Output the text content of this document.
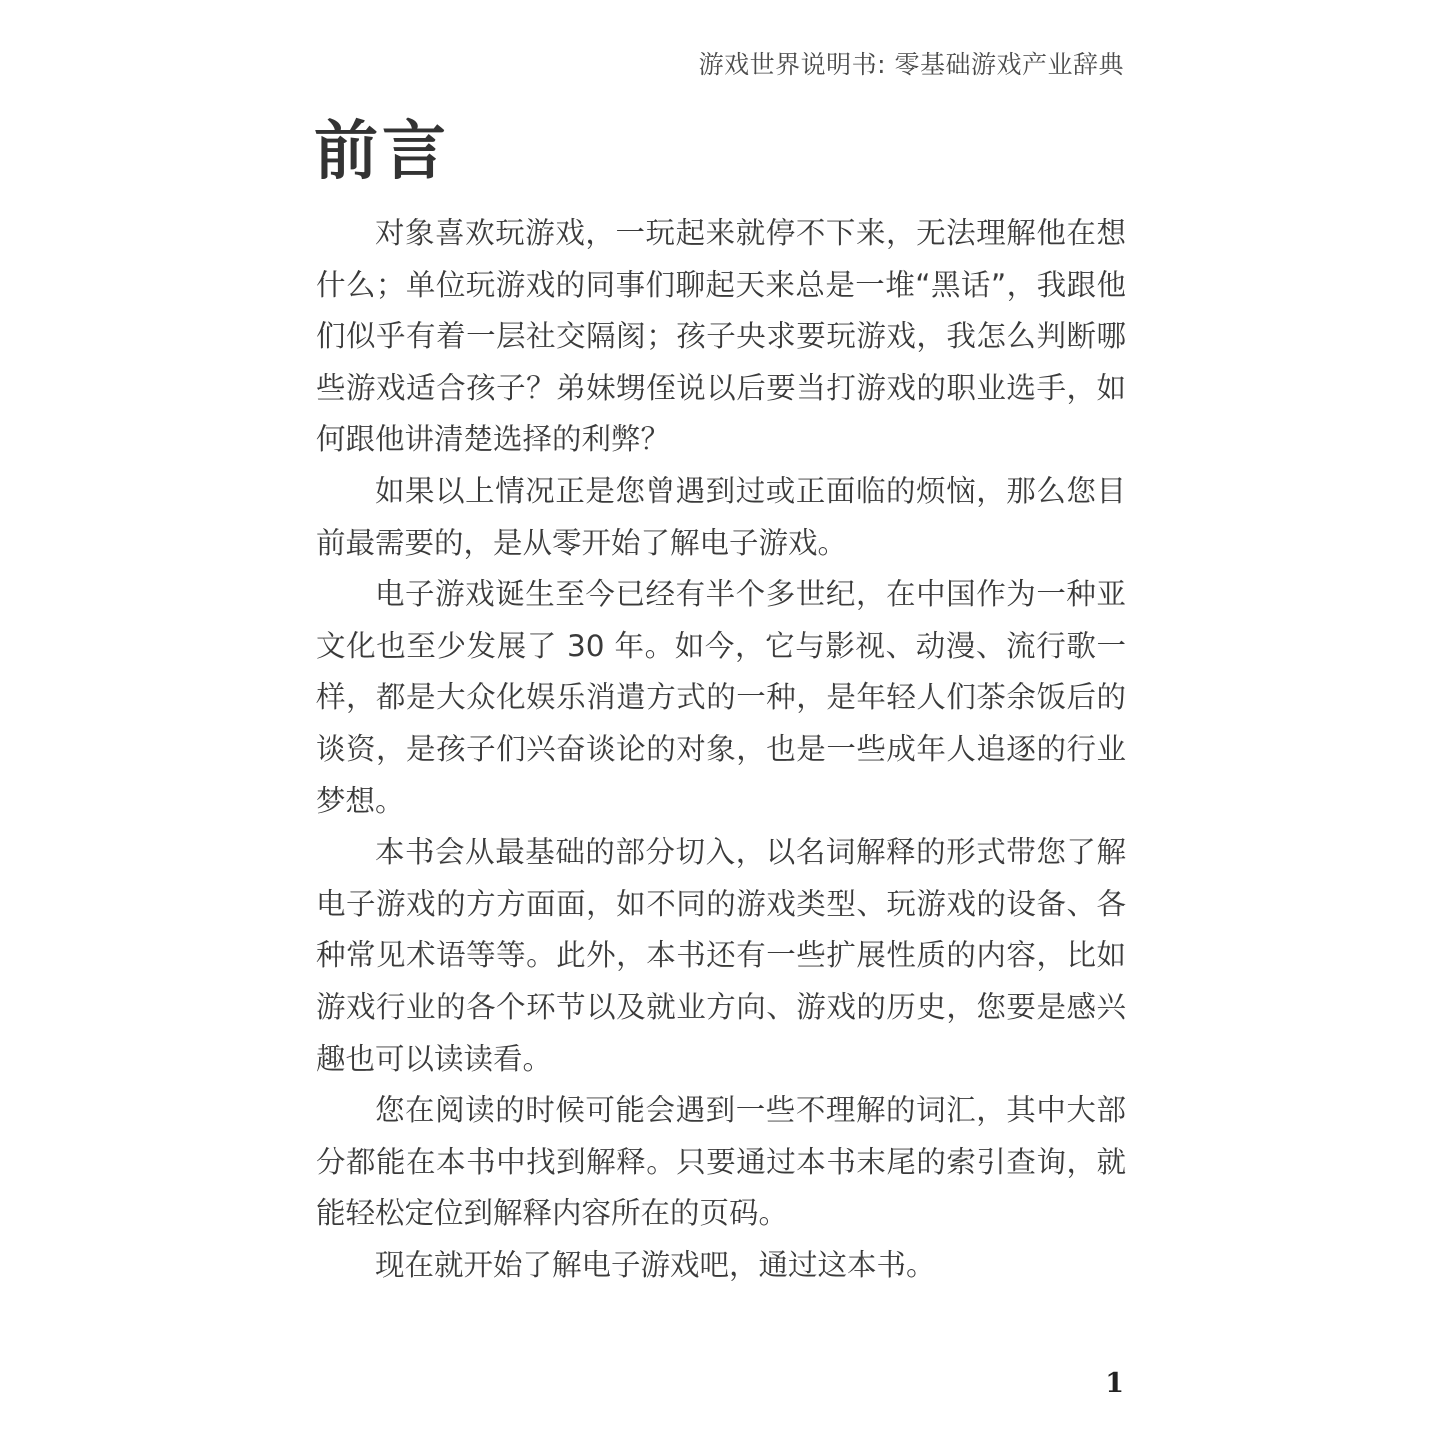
游戏世界说明书: 零基础游戏产业辞典
前言

对象喜欢玩游戏，一玩起来就停不下来，无法理解他在想什么；单位玩游戏的同事们聊起天来总是一堆“黑话”，我跟他们似乎有着一层社交隔阂；孩子央求要玩游戏，我怎么判断哪些游戏适合孩子？弟妹甥侄说以后要当打游戏的职业选手，如何跟他讲清楚选择的利弊？

如果以上情况正是您曾遇到过或正面临的烦恼，那么您目前最需要的，是从零开始了解电子游戏。

电子游戏诞生至今已经有半个多世纪，在中国作为一种亚文化也至少发展了 30 年。如今，它与影视、动漫、流行歌一样，都是大众化娱乐消遣方式的一种，是年轻人们茶余饭后的谈资，是孩子们兴奋谈论的对象，也是一些成年人追逐的行业梦想。

本书会从最基础的部分切入，以名词解释的形式带您了解电子游戏的方方面面，如不同的游戏类型、玩游戏的设备、各种常见术语等等。此外，本书还有一些扩展性质的内容，比如游戏行业的各个环节以及就业方向、游戏的历史，您要是感兴趣也可以读读看。

您在阅读的时候可能会遇到一些不理解的词汇，其中大部分都能在本书中找到解释。只要通过本书末尾的索引查询，就能轻松定位到解释内容所在的页码。

现在就开始了解电子游戏吧，通过这本书。

1
